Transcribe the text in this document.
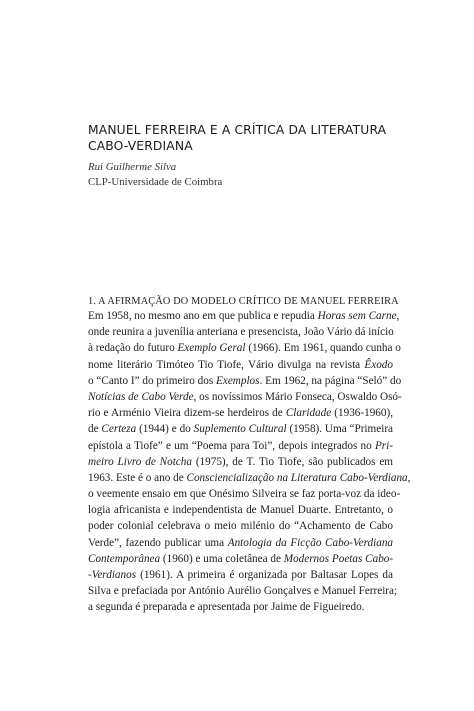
MANUEL FERREIRA E A CRÍTICA DA LITERATURA
CABO-VERDIANA
Rui Guilherme Silva
CLP-Universidade de Coimbra
1. A AFIRMAÇÃO DO MODELO CRÍTICO DE MANUEL FERREIRA
Em 1958, no mesmo ano em que publica e repudia Horas sem Carne,
onde reunira a juvenília anteriana e presencista, João Vário dá início
à redação do futuro Exemplo Geral (1966). Em 1961, quando cunha o
nome literário Timóteo Tio Tiofe, Vário divulga na revista Êxodo
o “Canto I” do primeiro dos Exemplos. Em 1962, na página “Seló” do
Notícias de Cabo Verde, os novíssimos Mário Fonseca, Oswaldo Osó-
rio e Arménio Vieira dizem-se herdeiros de Claridade (1936-1960),
de Certeza (1944) e do Suplemento Cultural (1958). Uma “Primeira
epístola a Tiofe” e um “Poema para Toi”, depois integrados no Pri-
meiro Livro de Notcha (1975), de T. Tio Tiofe, são publicados em
1963. Este é o ano de Consciencialização na Literatura Cabo-Verdiana,
o veemente ensaio em que Onésimo Silveira se faz porta-voz da ideo-
logia africanista e independentista de Manuel Duarte. Entretanto, o
poder colonial celebrava o meio milénio do “Achamento de Cabo
Verde”, fazendo publicar uma Antologia da Ficção Cabo-Verdiana
Contemporânea (1960) e uma coletânea de Modernos Poetas Cabo-
-Verdianos (1961). A primeira é organizada por Baltasar Lopes da
Silva e prefaciada por António Aurélio Gonçalves e Manuel Ferreira;
a segunda é preparada e apresentada por Jaime de Figueiredo.
